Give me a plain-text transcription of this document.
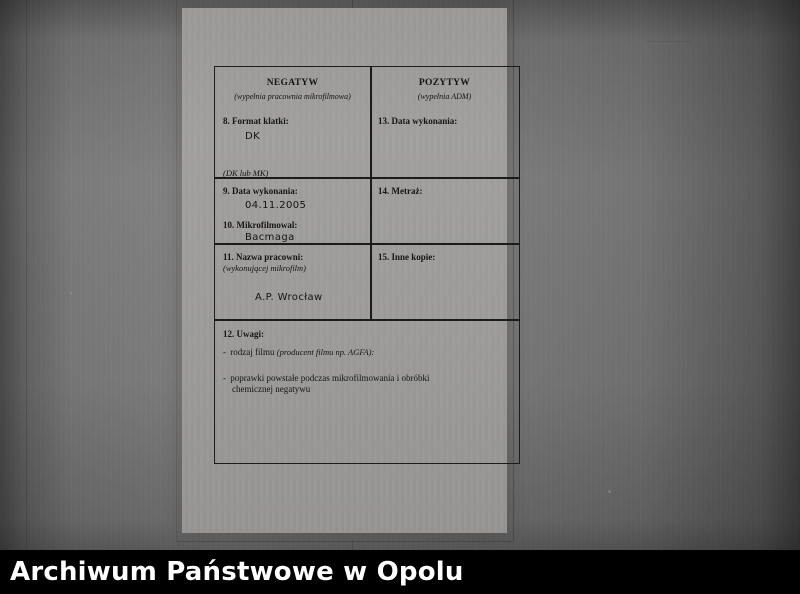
NEGATYW
(wypełnia pracownia mikrofilmowa)
POZYTYW
(wypełnia ADM)
8. Format klatki:
DK
(DK lub MK)
13. Data wykonania:
9. Data wykonania:
04.11.2005
10. Mikrofilmowal:
Bacmaga
14. Metraż:
11. Nazwa pracowni:
(wykonującej mikrofilm)
A.P. Wrocław
15. Inne kopie:
12. Uwagi:
- rodzaj filmu (producent filmu np. AGFA):
- poprawki powstałe podczas mikrofilmowania i obróbki
chemicznej negatywu
Archiwum Państwowe w Opolu
